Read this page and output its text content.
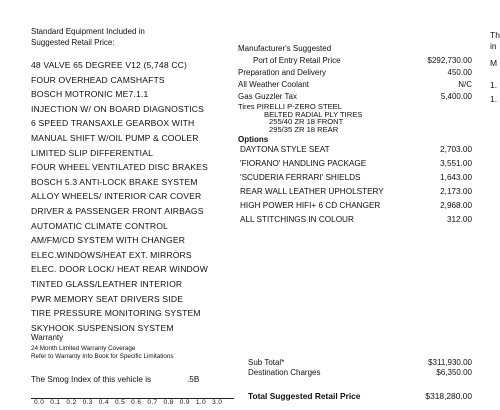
Standard Equipment Included in
Suggested Retail Price:
48 VALVE 65 DEGREE V12 (5,748 CC)
FOUR OVERHEAD CAMSHAFTS
BOSCH MOTRONIC ME7.1.1
INJECTION W/ ON BOARD DIAGNOSTICS
6 SPEED TRANSAXLE GEARBOX WITH
MANUAL SHIFT W/OIL PUMP & COOLER
LIMITED SLIP DIFFERENTIAL
FOUR WHEEL VENTILATED DISC BRAKES
BOSCH 5.3 ANTI-LOCK BRAKE SYSTEM
ALLOY WHEELS/ INTERIOR CAR COVER
DRIVER & PASSENGER FRONT AIRBAGS
AUTOMATIC CLIMATE CONTROL
AM/FM/CD SYSTEM WITH CHANGER
ELEC.WINDOWS/HEAT EXT. MIRRORS
ELEC. DOOR LOCK/ HEAT REAR WINDOW
TINTED GLASS/LEATHER INTERIOR
PWR MEMORY SEAT DRIVERS SIDE
TIRE PRESSURE MONITORING SYSTEM
SKYHOOK SUSPENSION SYSTEM
Warranty
24 Month Limited Warranty Coverage
Refer to Warranty Info Book for Specific Limitations
The Smog Index of this vehicle is	.5B
0.0 0.1 0.2 0.3 0.4 0.5 0.6 0.7 0.8 0.9 1.0 3.0
Manufacturer's Suggested
Port of Entry Retail Price	$292,730.00
Preparation and Delivery	450.00
All Weather Coolant	N/C
Gas Guzzler Tax	5,400.00
Tires PIRELLI P-ZERO STEEL
BELTED RADIAL PLY TIRES
255/40 ZR 18 FRONT
295/35 ZR 18 REAR
Options
DAYTONA STYLE SEAT	2,703.00
'FIORANO' HANDLING PACKAGE	3,551.00
'SCUDERIA FERRARI' SHIELDS	1,643.00
REAR WALL LEATHER UPHOLSTERY	2,173.00
HIGH POWER HIFI+ 6 CD CHANGER	2,968.00
ALL STITCHINGS IN COLOUR	312.00
Sub Total*	$311,930.00
Destination Charges	$6,350.00
Total Suggested Retail Price	$318,280.00
Th
in
M
1.
1.
